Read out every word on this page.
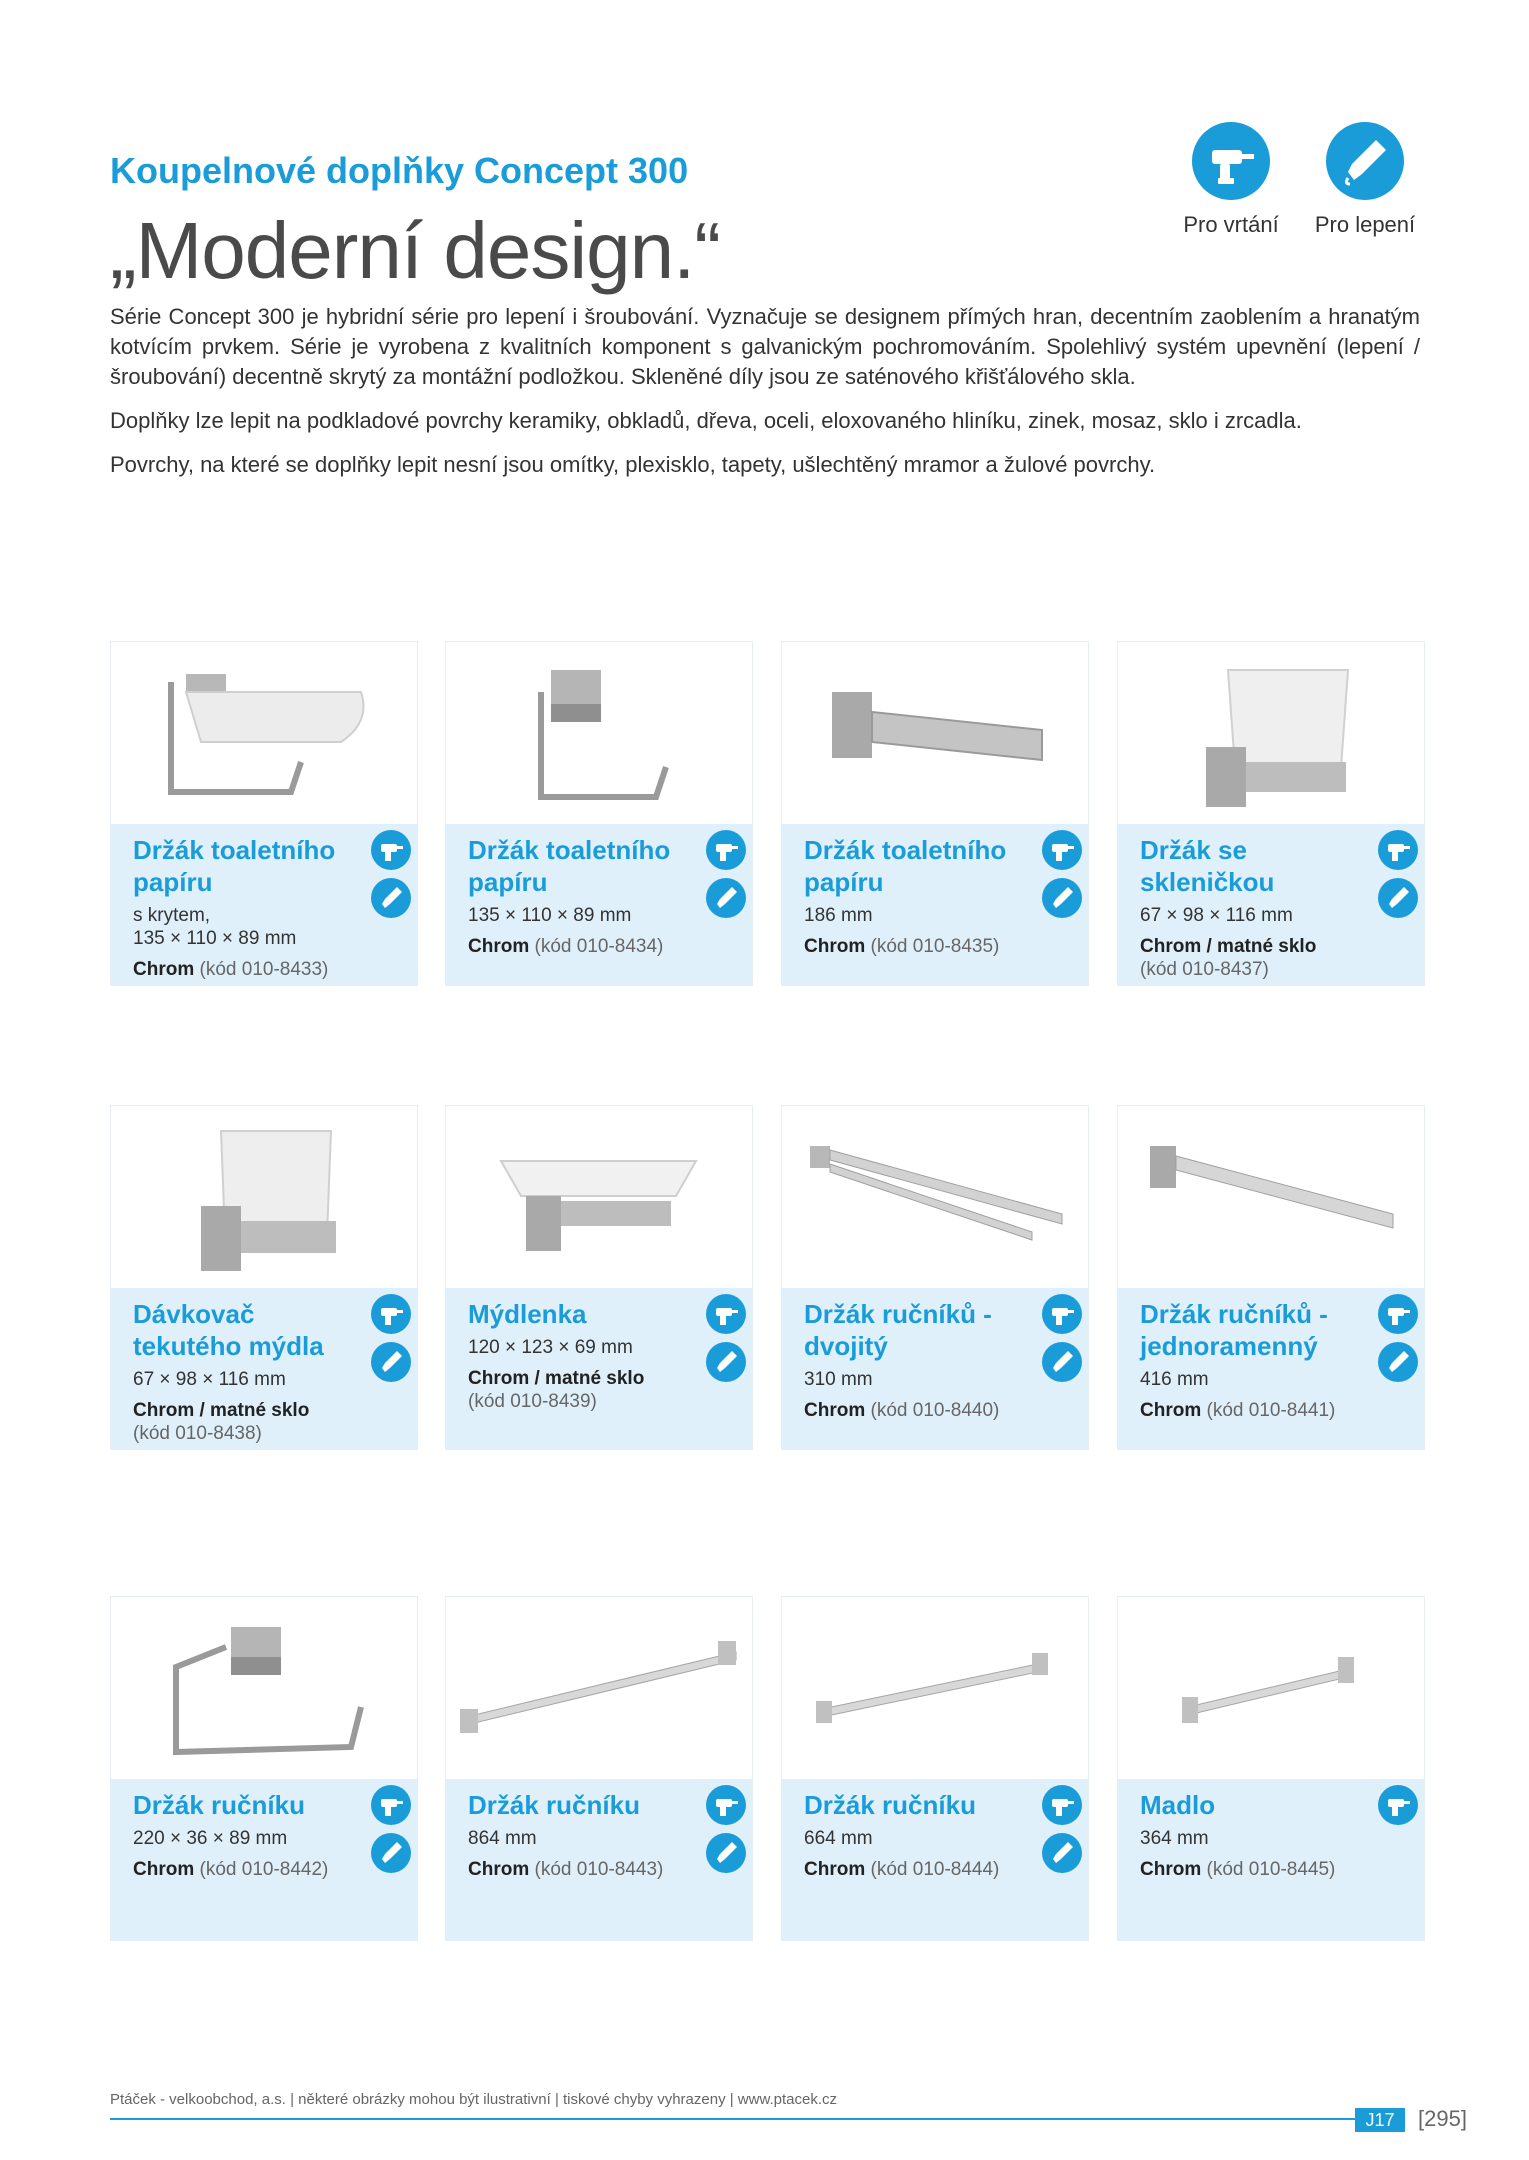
Koupelnové doplňky Concept 300
„Moderní design.“

Série Concept 300 je hybridní série pro lepení i šroubování. Vyznačuje se designem přímých hran, decentním zaoblením a hranatým kotvícím prvkem. Série je vyrobena z kvalitních komponent s galvanickým pochromováním. Spolehlivý systém upevnění (lepení / šroubování) decentně skrytý za montážní podložkou. Skleněné díly jsou ze saténového křišťálového skla.

Doplňky lze lepit na podkladové povrchy keramiky, obkladů, dřeva, oceli, eloxovaného hliníku, zinek, mosaz, sklo i zrcadla.

Povrchy, na které se doplňky lepit nesní jsou omítky, plexisklo, tapety, ušlechtěný mramor a žulové povrchy.

Pro vrtání	Pro lepení
Držák toaletního papíru
s krytem,
135 × 110 × 89 mm
Chrom (kód 010-8433)
Držák toaletního papíru
135 × 110 × 89 mm
Chrom (kód 010-8434)
Držák toaletního papíru
186 mm
Chrom (kód 010-8435)
Držák se skleničkou
67 × 98 × 116 mm
Chrom / matné sklo
(kód 010-8437)
Dávkovač tekutého mýdla
67 × 98 × 116 mm
Chrom / matné sklo
(kód 010-8438)
Mýdlenka
120 × 123 × 69 mm
Chrom / matné sklo
(kód 010-8439)
Držák ručníků - dvojitý
310 mm
Chrom (kód 010-8440)
Držák ručníků - jednoramenný
416 mm
Chrom (kód 010-8441)
Držák ručníku
220 × 36 × 89 mm
Chrom (kód 010-8442)
Držák ručníku
864 mm
Chrom (kód 010-8443)
Držák ručníku
664 mm
Chrom (kód 010-8444)
Madlo
364 mm
Chrom (kód 010-8445)
Ptáček - velkoobchod, a.s. | některé obrázky mohou být ilustrativní | tiskové chyby vyhrazeny | www.ptacek.cz
J17	[295]
